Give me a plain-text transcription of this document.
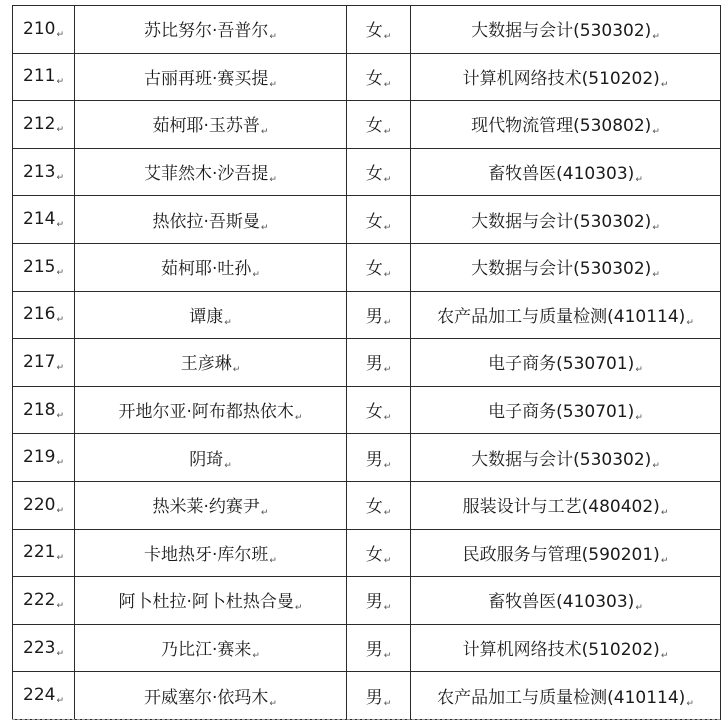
210↵	苏比努尔·吾普尔↵	女↵	大数据与会计(530302)↵
211↵	古丽再班·赛买提↵	女↵	计算机网络技术(510202)↵
212↵	茹柯耶·玉苏普↵	女↵	现代物流管理(530802)↵
213↵	艾菲然木·沙吾提↵	女↵	畜牧兽医(410303)↵
214↵	热依拉·吾斯曼↵	女↵	大数据与会计(530302)↵
215↵	茹柯耶·吐孙↵	女↵	大数据与会计(530302)↵
216↵	谭康↵	男↵	农产品加工与质量检测(410114)↵
217↵	王彦琳↵	男↵	电子商务(530701)↵
218↵	开地尔亚·阿布都热依木↵	女↵	电子商务(530701)↵
219↵	阴琦↵	男↵	大数据与会计(530302)↵
220↵	热米莱·约赛尹↵	女↵	服装设计与工艺(480402)↵
221↵	卡地热牙·库尔班↵	女↵	民政服务与管理(590201)↵
222↵	阿卜杜拉·阿卜杜热合曼↵	男↵	畜牧兽医(410303)↵
223↵	乃比江·赛来↵	男↵	计算机网络技术(510202)↵
224↵	开威塞尔·依玛木↵	男↵	农产品加工与质量检测(410114)↵
